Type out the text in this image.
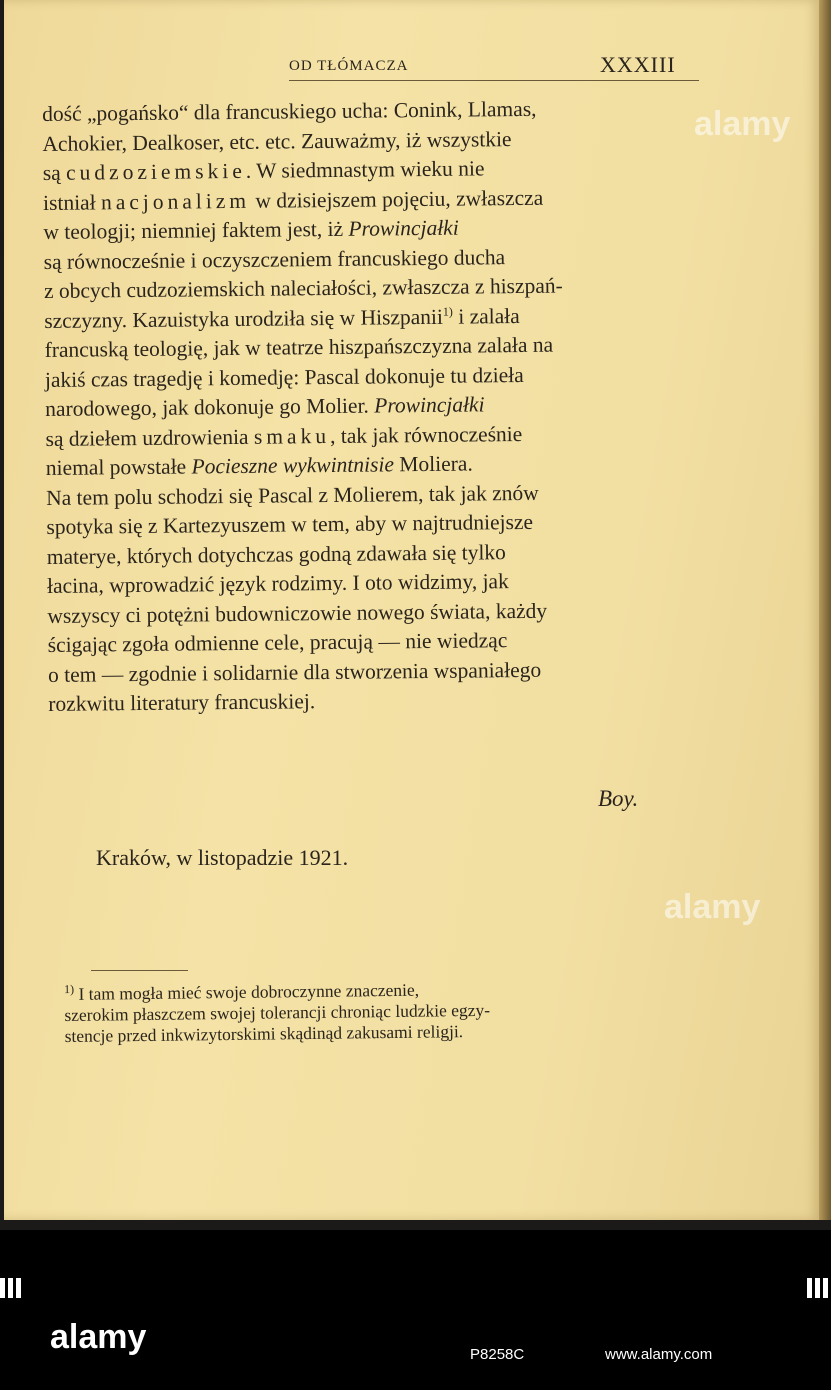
OD TŁÓMACZA	XXXIII
dość „pogańsko“ dla francuskiego ucha: Conink, Llamas,
Achokier, Dealkoser, etc. etc. Zauważmy, iż wszystkie
są cudzoziemskie. W siedmnastym wieku nie
istniał nacjonalizm w dzisiejszem pojęciu, zwłaszcza
w teologji; niemniej faktem jest, iż Prowincjałki
są równocześnie i oczyszczeniem francuskiego ducha
z obcych cudzoziemskich naleciałości, zwłaszcza z hiszpań-
szczyzny. Kazuistyka urodziła się w Hiszpanii$^{1)}$ i zalała
francuską teologię, jak w teatrze hiszpańszczyzna zalała na
jakiś czas tragedję i komedję: Pascal dokonuje tu dzieła
narodowego, jak dokonuje go Molier. Prowincjałki
są dziełem uzdrowienia smaku, tak jak równocześnie
niemal powstałe Pocieszne wykwintnisie Moliera.
Na tem polu schodzi się Pascal z Molierem, tak jak znów
spotyka się z Kartezyuszem w tem, aby w najtrudniejsze
materye, których dotychczas godną zdawała się tylko
łacina, wprowadzić język rodzimy. I oto widzimy, jak
wszyscy ci potężni budowniczowie nowego świata, każdy
ścigając zgoła odmienne cele, pracują — nie wiedząc
o tem — zgodnie i solidarnie dla stworzenia wspaniałego
rozkwitu literatury francuskiej.
Boy.
Kraków, w listopadzie 1921.
$^{1)}$ I tam mogła mieć swoje dobroczynne znaczenie,
szerokim płaszczem swojej tolerancji chroniąc ludzkie egzy-
stencje przed inkwizytorskimi skądinąd zakusami religji.
alamy
alamy
alamy	P8258C	www.alamy.com
